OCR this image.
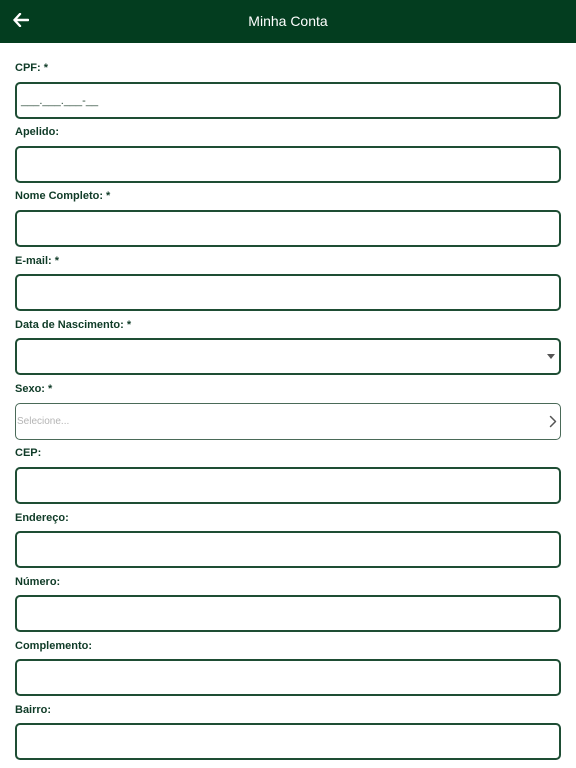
Minha Conta
CPF: *
___.___.___-__
Apelido:
Nome Completo: *
E-mail: *
Data de Nascimento: *
Sexo: *
Selecione...
CEP:
Endereço:
Número:
Complemento:
Bairro:
